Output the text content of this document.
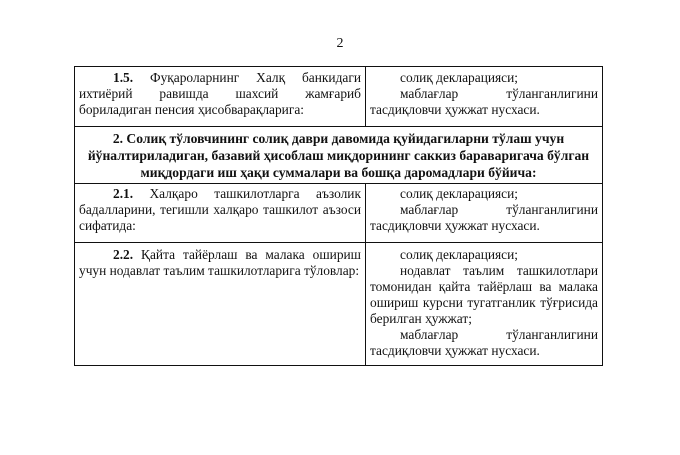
2
1.5. Фуқароларнинг Халқ банкидаги ихтиёрий равишда шахсий жамғариб бориладиган пенсия ҳисобварақларига:	солиқ декларацияси;
маблағлар тўланганлигини тасдиқловчи ҳужжат нусхаси.

2. Солиқ тўловчининг солиқ даври давомида қуйидагиларни тўлаш учун йўналтириладиган, базавий ҳисоблаш миқдорининг саккиз бараваригача бўлган миқдордаги иш ҳақи суммалари ва бошқа даромадлари бўйича:	

2.1. Халқаро ташкилотларга аъзолик бадалларини, тегишли халқаро ташкилот аъзоси сифатида:	солиқ декларацияси;
маблағлар тўланганлигини тасдиқловчи ҳужжат нусхаси.

2.2. Қайта тайёрлаш ва малака ошириш учун нодавлат таълим ташкилотларига тўловлар:	солиқ декларацияси;
нодавлат таълим ташкилотлари томонидан қайта тайёрлаш ва малака ошириш курсни тугатганлик тўғрисида берилган ҳужжат;
маблағлар тўланганлигини тасдиқловчи ҳужжат нусхаси.
